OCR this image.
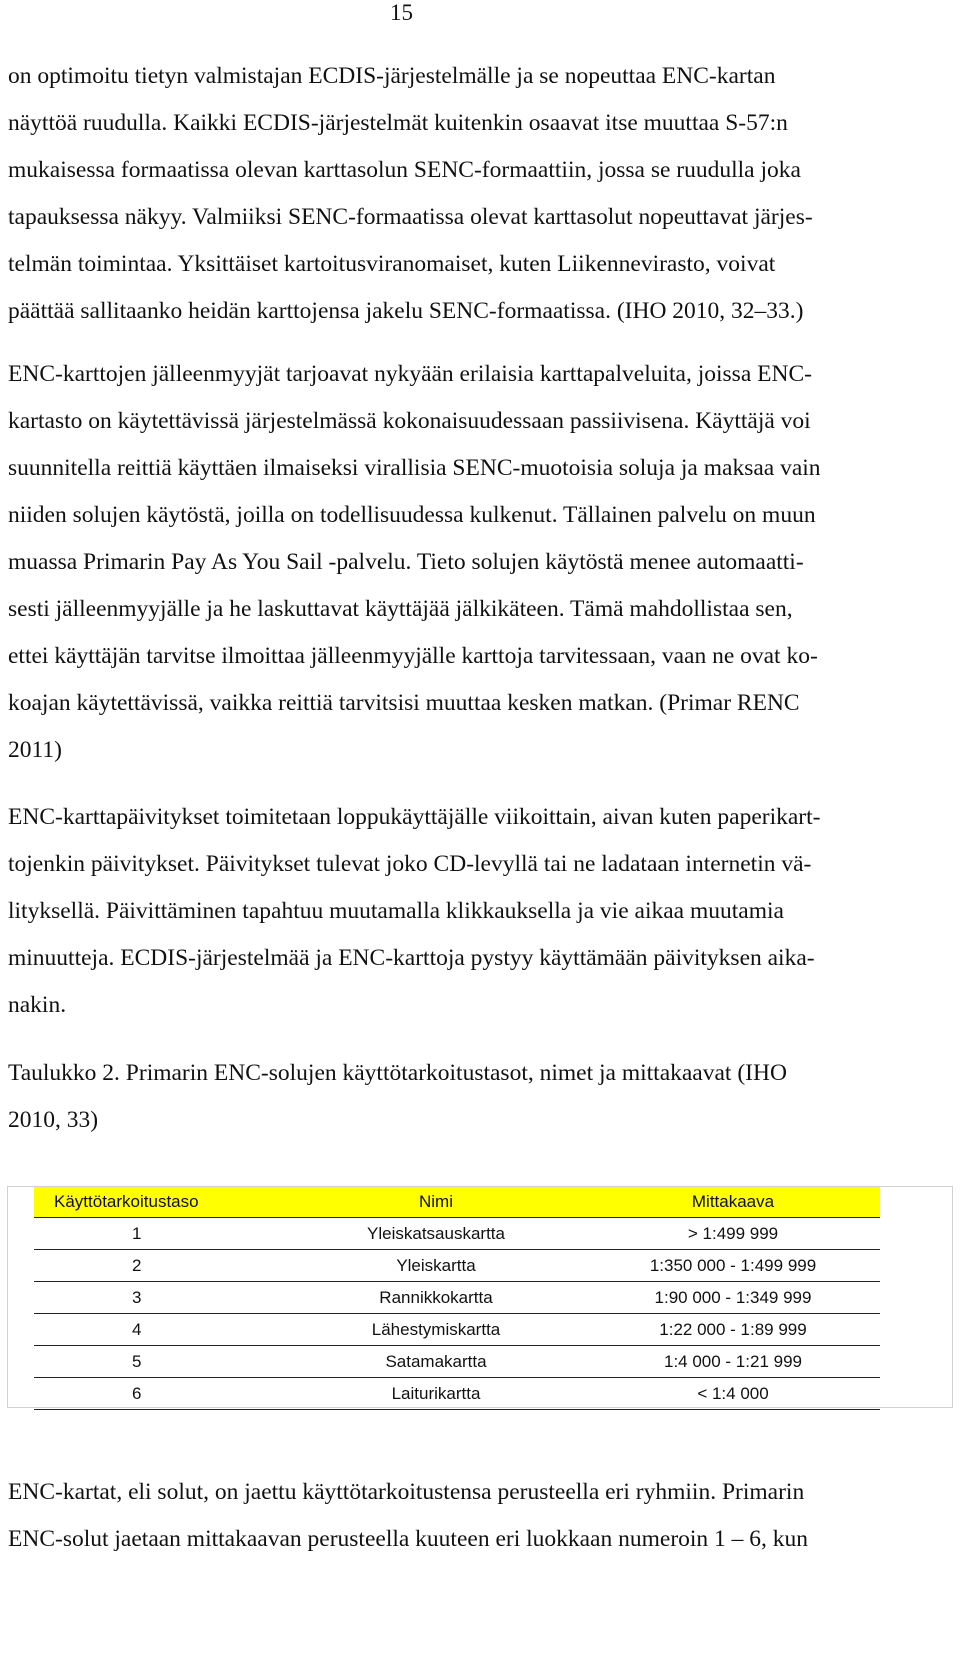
15

on optimoitu tietyn valmistajan ECDIS-järjestelmälle ja se nopeuttaa ENC-kartan
näyttöä ruudulla. Kaikki ECDIS-järjestelmät kuitenkin osaavat itse muuttaa S-57:n
mukaisessa formaatissa olevan karttasolun SENC-formaattiin, jossa se ruudulla joka
tapauksessa näkyy. Valmiiksi SENC-formaatissa olevat karttasolut nopeuttavat järjes-
telmän toimintaa. Yksittäiset kartoitusviranomaiset, kuten Liikennevirasto, voivat
päättää sallitaanko heidän karttojensa jakelu SENC-formaatissa. (IHO 2010, 32–33.)

ENC-karttojen jälleenmyyjät tarjoavat nykyään erilaisia karttapalveluita, joissa ENC-
kartasto on käytettävissä järjestelmässä kokonaisuudessaan passiivisena. Käyttäjä voi
suunnitella reittiä käyttäen ilmaiseksi virallisia SENC-muotoisia soluja ja maksaa vain
niiden solujen käytöstä, joilla on todellisuudessa kulkenut. Tällainen palvelu on muun
muassa Primarin Pay As You Sail -palvelu. Tieto solujen käytöstä menee automaatti-
sesti jälleenmyyjälle ja he laskuttavat käyttäjää jälkikäteen. Tämä mahdollistaa sen,
ettei käyttäjän tarvitse ilmoittaa jälleenmyyjälle karttoja tarvitessaan, vaan ne ovat ko-
koajan käytettävissä, vaikka reittiä tarvitsisi muuttaa kesken matkan. (Primar RENC
2011)

ENC-karttapäivitykset toimitetaan loppukäyttäjälle viikoittain, aivan kuten paperikart-
tojenkin päivitykset. Päivitykset tulevat joko CD-levyllä tai ne ladataan internetin vä-
lityksellä. Päivittäminen tapahtuu muutamalla klikkauksella ja vie aikaa muutamia
minuutteja. ECDIS-järjestelmää ja ENC-karttoja pystyy käyttämään päivityksen aika-
nakin.

Taulukko 2. Primarin ENC-solujen käyttötarkoitustasot, nimet ja mittakaavat (IHO
2010, 33)

Käyttötarkoitustaso	Nimi	Mittakaava
1	Yleiskatsauskartta	> 1:499 999
2	Yleiskartta	1:350 000 - 1:499 999
3	Rannikkokartta	1:90 000 - 1:349 999
4	Lähestymiskartta	1:22 000 - 1:89 999
5	Satamakartta	1:4 000 - 1:21 999
6	Laiturikartta	< 1:4 000

ENC-kartat, eli solut, on jaettu käyttötarkoitustensa perusteella eri ryhmiin. Primarin
ENC-solut jaetaan mittakaavan perusteella kuuteen eri luokkaan numeroin 1 – 6, kun
